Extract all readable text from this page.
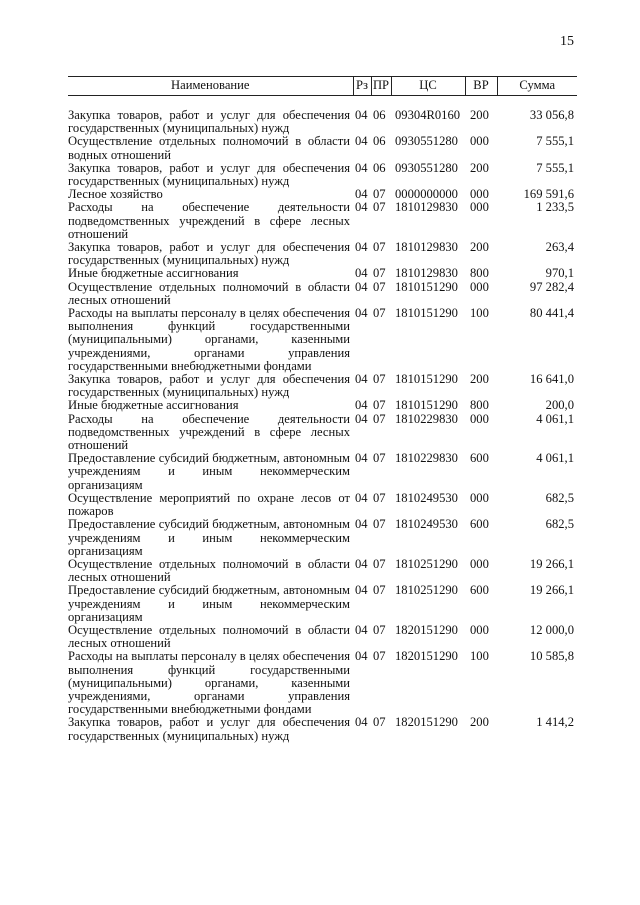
15
Наименование	Рз	ПР	ЦС	ВР	Сумма
Закупка товаров, работ и услуг для обеспечения государственных (муниципальных) нужд	04	06	09304R0160	200	33 056,8
Осуществление отдельных полномочий в области водных отношений	04	06	0930551280	000	7 555,1
Закупка товаров, работ и услуг для обеспечения государственных (муниципальных) нужд	04	06	0930551280	200	7 555,1
Лесное хозяйство	04	07	0000000000	000	169 591,6
Расходы на обеспечение деятельности подведомственных учреждений в сфере лесных отношений	04	07	1810129830	000	1 233,5
Закупка товаров, работ и услуг для обеспечения государственных (муниципальных) нужд	04	07	1810129830	200	263,4
Иные бюджетные ассигнования	04	07	1810129830	800	970,1
Осуществление отдельных полномочий в области лесных отношений	04	07	1810151290	000	97 282,4
Расходы на выплаты персоналу в целях обеспечения выполнения функций государственными (муниципальными) органами, казенными учреждениями, органами управления государственными внебюджетными фондами	04	07	1810151290	100	80 441,4
Закупка товаров, работ и услуг для обеспечения государственных (муниципальных) нужд	04	07	1810151290	200	16 641,0
Иные бюджетные ассигнования	04	07	1810151290	800	200,0
Расходы на обеспечение деятельности подведомственных учреждений в сфере лесных отношений	04	07	1810229830	000	4 061,1
Предоставление субсидий бюджетным, автономным учреждениям и иным некоммерческим организациям	04	07	1810229830	600	4 061,1
Осуществление мероприятий по охране лесов от пожаров	04	07	1810249530	000	682,5
Предоставление субсидий бюджетным, автономным учреждениям и иным некоммерческим организациям	04	07	1810249530	600	682,5
Осуществление отдельных полномочий в области лесных отношений	04	07	1810251290	000	19 266,1
Предоставление субсидий бюджетным, автономным учреждениям и иным некоммерческим организациям	04	07	1810251290	600	19 266,1
Осуществление отдельных полномочий в области лесных отношений	04	07	1820151290	000	12 000,0
Расходы на выплаты персоналу в целях обеспечения выполнения функций государственными (муниципальными) органами, казенными учреждениями, органами управления государственными внебюджетными фондами	04	07	1820151290	100	10 585,8
Закупка товаров, работ и услуг для обеспечения государственных (муниципальных) нужд	04	07	1820151290	200	1 414,2
